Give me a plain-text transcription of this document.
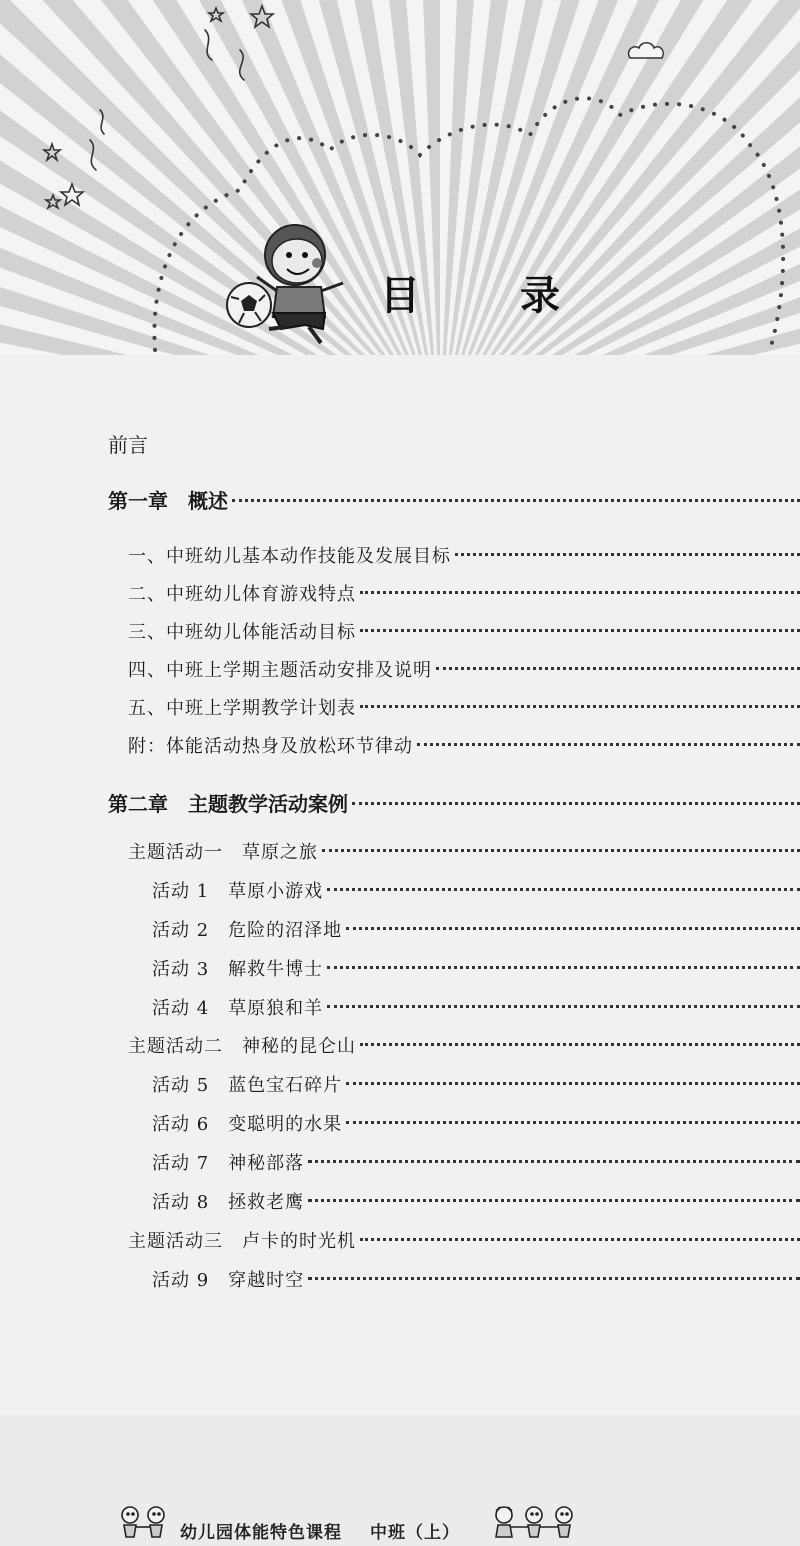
目	录
前言
第一章　概述
一、中班幼儿基本动作技能及发展目标
二、中班幼儿体育游戏特点
三、中班幼儿体能活动目标
四、中班上学期主题活动安排及说明
五、中班上学期教学计划表
附：体能活动热身及放松环节律动
第二章　主题教学活动案例
主题活动一　草原之旅
活动 1　草原小游戏
活动 2　危险的沼泽地
活动 3　解救牛博士
活动 4　草原狼和羊
主题活动二　神秘的昆仑山
活动 5　蓝色宝石碎片
活动 6　变聪明的水果
活动 7　神秘部落
活动 8　拯救老鹰
主题活动三　卢卡的时光机
活动 9　穿越时空
幼儿园体能特色课程 中班（上）
